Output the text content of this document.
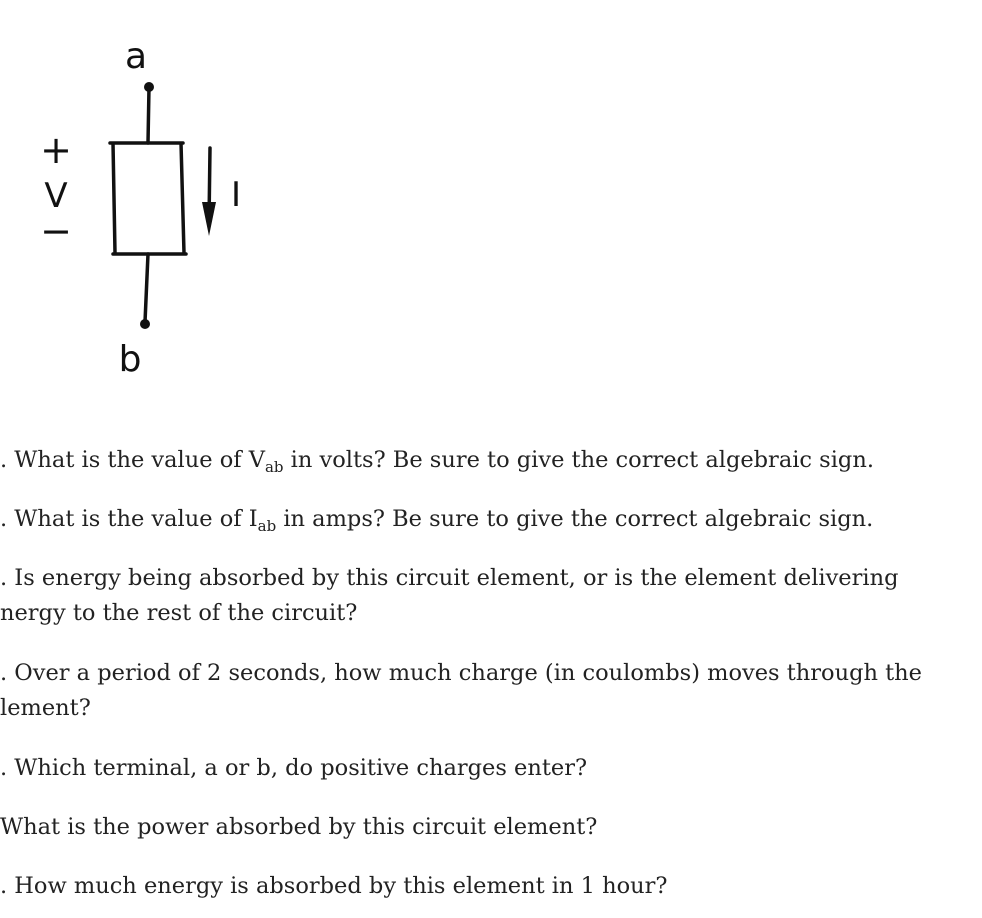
a
b
+
V
−
I
. What is the value of $V_{ab}$ in volts? Be sure to give the correct algebraic sign.
. What is the value of $I_{ab}$ in amps? Be sure to give the correct algebraic sign.
. Is energy being absorbed by this circuit element, or is the element delivering
nergy to the rest of the circuit?
. Over a period of 2 seconds, how much charge (in coulombs) moves through the
lement?
. Which terminal, a or b, do positive charges enter?
What is the power absorbed by this circuit element?
. How much energy is absorbed by this element in 1 hour?
